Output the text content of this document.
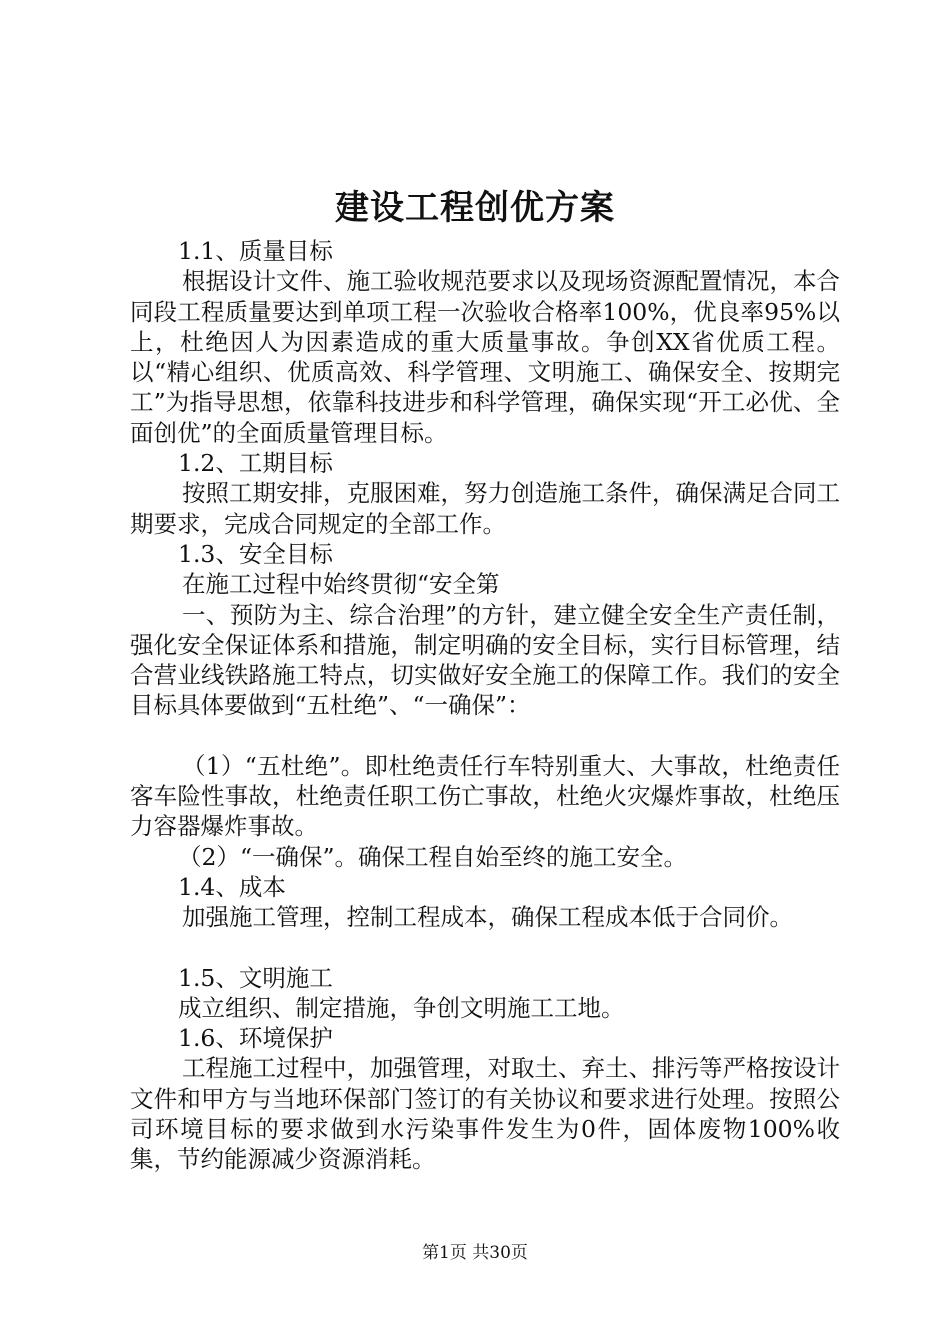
建设工程创优方案

1.1、质量目标

根据设计文件、施工验收规范要求以及现场资源配置情况，本合同段工程质量要达到单项工程一次验收合格率100%，优良率95%以上，杜绝因人为因素造成的重大质量事故。争创XX省优质工程。以“精心组织、优质高效、科学管理、文明施工、确保安全、按期完工”为指导思想，依靠科技进步和科学管理，确保实现“开工必优、全面创优”的全面质量管理目标。

1.2、工期目标

按照工期安排，克服困难，努力创造施工条件，确保满足合同工期要求，完成合同规定的全部工作。

1.3、安全目标

在施工过程中始终贯彻“安全第

一、预防为主、综合治理”的方针，建立健全安全生产责任制，强化安全保证体系和措施，制定明确的安全目标，实行目标管理，结合营业线铁路施工特点，切实做好安全施工的保障工作。我们的安全目标具体要做到“五杜绝”、“一确保”：

（1）“五杜绝”。即杜绝责任行车特别重大、大事故，杜绝责任客车险性事故，杜绝责任职工伤亡事故，杜绝火灾爆炸事故，杜绝压力容器爆炸事故。

（2）“一确保”。确保工程自始至终的施工安全。

1.4、成本

加强施工管理，控制工程成本，确保工程成本低于合同价。

1.5、文明施工

成立组织、制定措施，争创文明施工工地。

1.6、环境保护

工程施工过程中，加强管理，对取土、弃土、排污等严格按设计文件和甲方与当地环保部门签订的有关协议和要求进行处理。按照公司环境目标的要求做到水污染事件发生为0件，固体废物100%收集，节约能源减少资源消耗。

第1页 共30页
